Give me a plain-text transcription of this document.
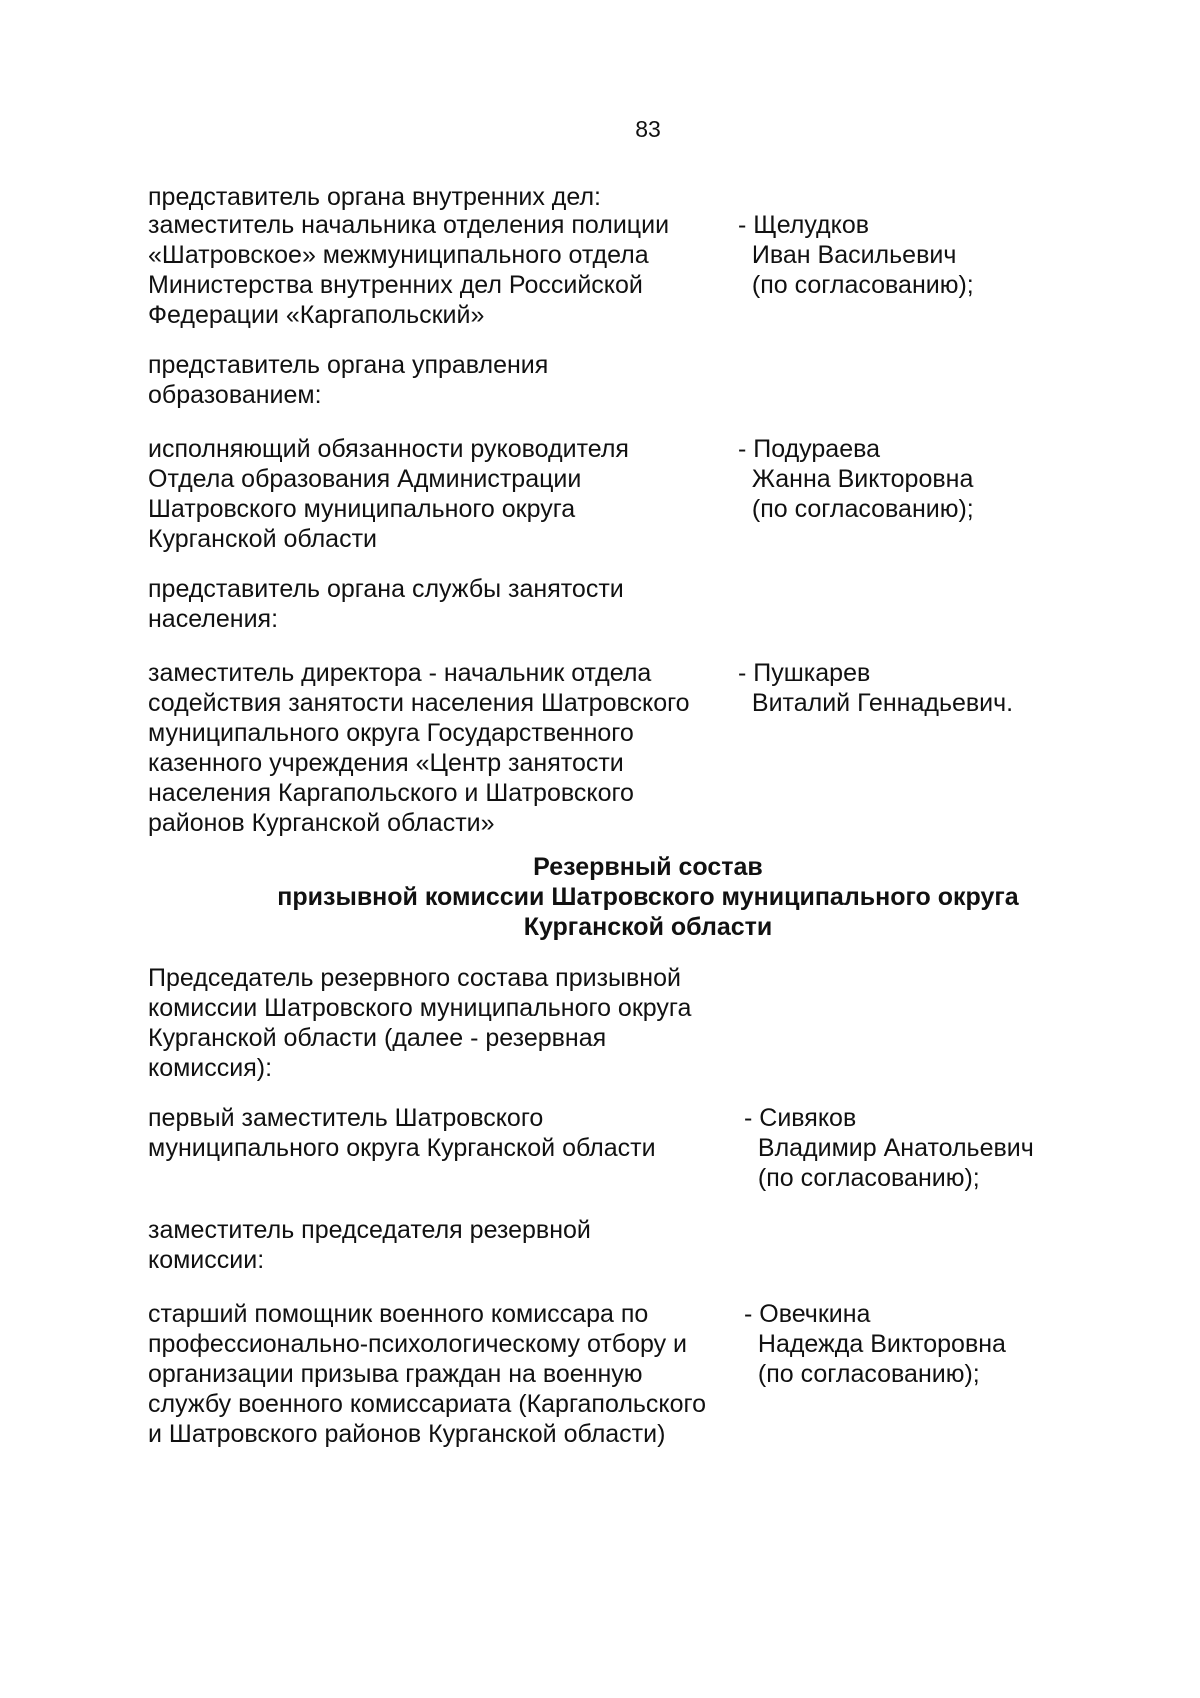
83
представитель органа внутренних дел:
заместитель начальника отделения полиции
«Шатровское» межмуниципального отдела
Министерства внутренних дел Российской
Федерации «Каргапольский»
- Щелудков
Иван Васильевич
(по согласованию);
представитель органа управления
образованием:
исполняющий обязанности руководителя
Отдела образования Администрации
Шатровского муниципального округа
Курганской области
- Подураева
Жанна Викторовна
(по согласованию);
представитель органа службы занятости
населения:
заместитель директора - начальник отдела
содействия занятости населения Шатровского
муниципального округа Государственного
казенного учреждения «Центр занятости
населения Каргапольского и Шатровского
районов Курганской области»
- Пушкарев
Виталий Геннадьевич.
Резервный состав
призывной комиссии Шатровского муниципального округа
Курганской области
Председатель резервного состава призывной
комиссии Шатровского муниципального округа
Курганской области (далее - резервная
комиссия):
первый заместитель Шатровского
муниципального округа Курганской области
- Сивяков
Владимир Анатольевич
(по согласованию);
заместитель председателя резервной
комиссии:
старший помощник военного комиссара по
профессионально-психологическому отбору и
организации призыва граждан на военную
службу военного комиссариата (Каргапольского
и Шатровского районов Курганской области)
- Овечкина
Надежда Викторовна
(по согласованию);
